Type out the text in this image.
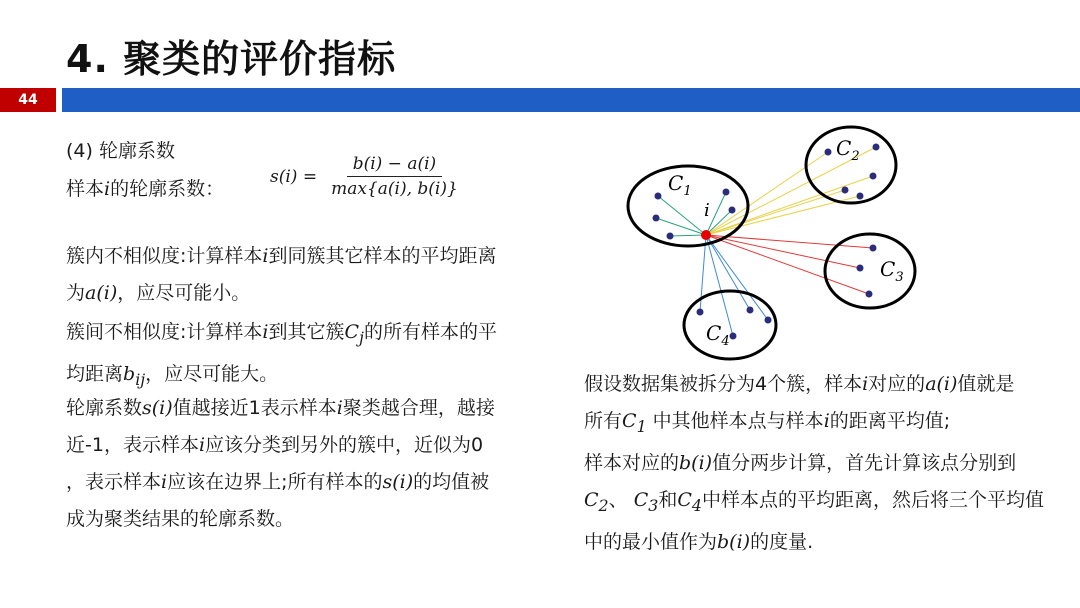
4. 聚类的评价指标
44
(4) 轮廓系数
样本i的轮廓系数：
$s(i) = \frac{b(i) - a(i)}{\max\{a(i), b(i)\}}$
簇内不相似度:计算样本i到同簇其它样本的平均距离
为a(i)，应尽可能小。
簇间不相似度:计算样本i到其它簇$C_j$的所有样本的平
均距离$b_{ij}$，应尽可能大。
轮廓系数s(i)值越接近1表示样本i聚类越合理，越接
近-1，表示样本i应该分类到另外的簇中，近似为0
，表示样本i应该在边界上;所有样本的s(i)的均值被
成为聚类结果的轮廓系数。
$C_1$
$C_2$
$C_3$
$C_4$
i
假设数据集被拆分为4个簇，样本i对应的a(i)值就是
所有$C_1$ 中其他样本点与样本i的距离平均值;
样本对应的b(i)值分两步计算，首先计算该点分别到
$C_2$、 $C_3$和$C_4$中样本点的平均距离，然后将三个平均值
中的最小值作为b(i)的度量.
